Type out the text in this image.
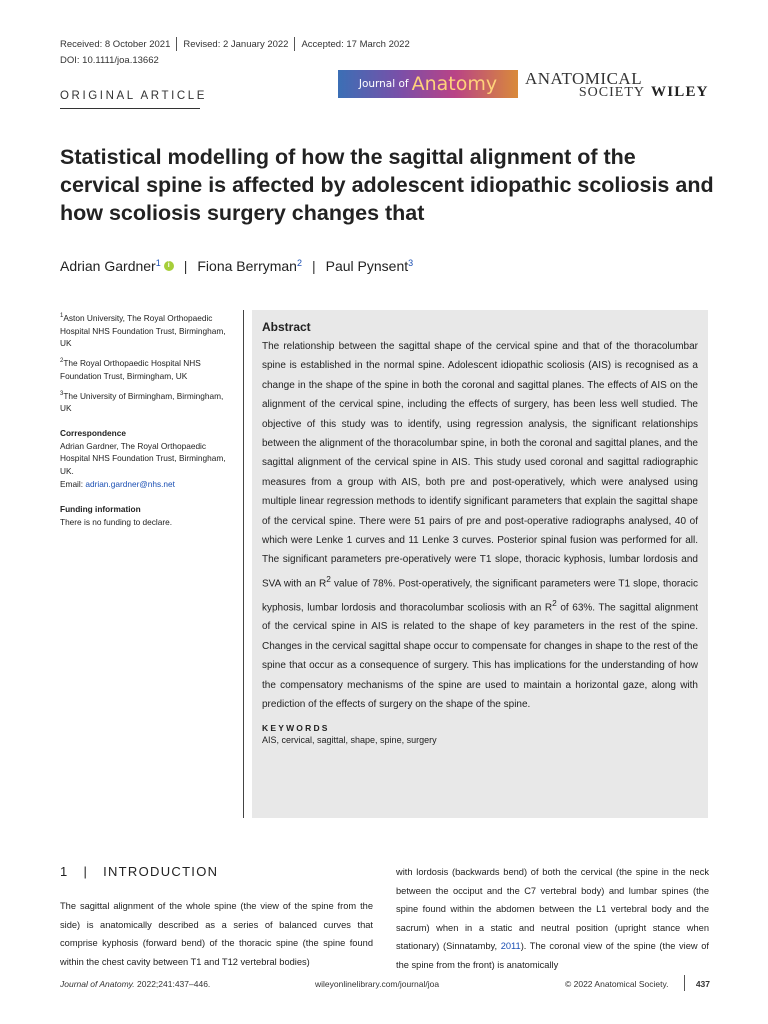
Received: 8 October 2021 Revised: 2 January 2022 Accepted: 17 March 2022
DOI: 10.1111/joa.13662
ORIGINAL ARTICLE
Journal of Anatomy ANATOMICAL
SOCIETY WILEY
Statistical modelling of how the sagittal alignment of the cervical spine is affected by adolescent idiopathic scoliosis and how scoliosis surgery changes that
Adrian Gardner$^1$	i | Fiona Berryman$^2$ | Paul Pynsent$^3$
$^1$Aston University, The Royal Orthopaedic Hospital NHS Foundation Trust, Birmingham, UK
$^2$The Royal Orthopaedic Hospital NHS Foundation Trust, Birmingham, UK
$^3$The University of Birmingham, Birmingham, UK
Correspondence
Adrian Gardner, The Royal Orthopaedic Hospital NHS Foundation Trust, Birmingham, UK.
Email: adrian.gardner@nhs.net
Funding information
There is no funding to declare.
Abstract

The relationship between the sagittal shape of the cervical spine and that of the thoracolumbar spine is established in the normal spine. Adolescent idiopathic scoliosis (AIS) is recognised as a change in the shape of the spine in both the coronal and sagittal planes. The effects of AIS on the alignment of the cervical spine, including the effects of surgery, has been less well studied. The objective of this study was to identify, using regression analysis, the significant relationships between the alignment of the thoracolumbar spine, in both the coronal and sagittal planes, and the sagittal alignment of the cervical spine in AIS. This study used coronal and sagittal radiographic measures from a group with AIS, both pre and post-operatively, which were analysed using multiple linear regression methods to identify significant parameters that explain the sagittal shape of the cervical spine. There were 51 pairs of pre and post-operative radiographs analysed, 40 of which were Lenke 1 curves and 11 Lenke 3 curves. Posterior spinal fusion was performed for all. The significant parameters pre-operatively were T1 slope, thoracic kyphosis, lumbar lordosis and SVA with an $R^2$ value of 78%. Post-operatively, the significant parameters were T1 slope, thoracic kyphosis, lumbar lordosis and thoracolumbar scoliosis with an $R^2$ of 63%. The sagittal alignment of the cervical spine in AIS is related to the shape of key parameters in the rest of the spine. Changes in the cervical sagittal shape occur to compensate for changes in shape to the rest of the spine that occur as a consequence of surgery. This has implications for the understanding of how the compensatory mechanisms of the spine are used to maintain a horizontal gaze, along with prediction of the effects of surgery on the shape of the spine.

KEYWORDS
AIS, cervical, sagittal, shape, spine, surgery
1 | INTRODUCTION

The sagittal alignment of the whole spine (the view of the spine from the side) is anatomically described as a series of balanced curves that comprise kyphosis (forward bend) of the thoracic spine (the spine found within the chest cavity between T1 and T12 vertebral bodies)

with lordosis (backwards bend) of both the cervical (the spine in the neck between the occiput and the C7 vertebral body) and lumbar spines (the spine found within the abdomen between the L1 vertebral body and the sacrum) when in a static and neutral position (upright stance when stationary) (Sinnatamby, 2011). The coronal view of the spine (the view of the spine from the front) is anatomically

Journal of Anatomy. 2022;241:437–446.	wileyonlinelibrary.com/journal/joa	© 2022 Anatomical Society.	437
